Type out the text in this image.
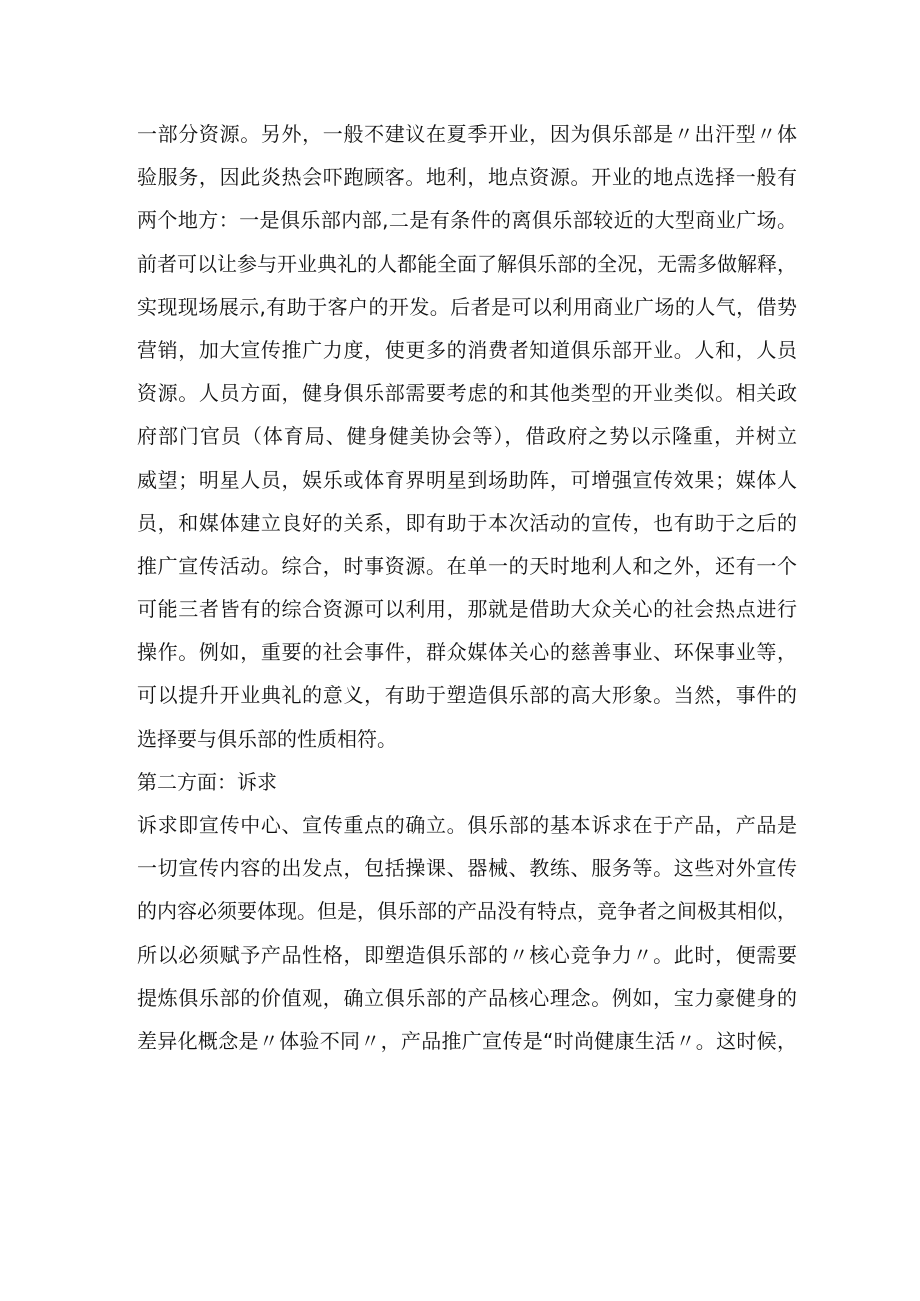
一部分资源。另外，一般不建议在夏季开业，因为俱乐部是〃出汗型〃体
验服务，因此炎热会吓跑顾客。地利，地点资源。开业的地点选择一般有
两个地方：一是俱乐部内部,二是有条件的离俱乐部较近的大型商业广场。
前者可以让参与开业典礼的人都能全面了解俱乐部的全况，无需多做解释，
实现现场展示,有助于客户的开发。后者是可以利用商业广场的人气，借势
营销，加大宣传推广力度，使更多的消费者知道俱乐部开业。人和，人员
资源。人员方面，健身俱乐部需要考虑的和其他类型的开业类似。相关政
府部门官员（体育局、健身健美协会等），借政府之势以示隆重，并树立
威望；明星人员，娱乐或体育界明星到场助阵，可增强宣传效果；媒体人
员，和媒体建立良好的关系，即有助于本次活动的宣传，也有助于之后的
推广宣传活动。综合，时事资源。在单一的天时地利人和之外，还有一个
可能三者皆有的综合资源可以利用，那就是借助大众关心的社会热点进行
操作。例如，重要的社会事件，群众媒体关心的慈善事业、环保事业等，
可以提升开业典礼的意义，有助于塑造俱乐部的高大形象。当然，事件的
选择要与俱乐部的性质相符。
第二方面：诉求
诉求即宣传中心、宣传重点的确立。俱乐部的基本诉求在于产品，产品是
一切宣传内容的出发点，包括操课、器械、教练、服务等。这些对外宣传
的内容必须要体现。但是，俱乐部的产品没有特点，竞争者之间极其相似，
所以必须赋予产品性格，即塑造俱乐部的〃核心竞争力〃。此时，便需要
提炼俱乐部的价值观，确立俱乐部的产品核心理念。例如，宝力豪健身的
差异化概念是〃体验不同〃，产品推广宣传是“时尚健康生活〃。这时候，
